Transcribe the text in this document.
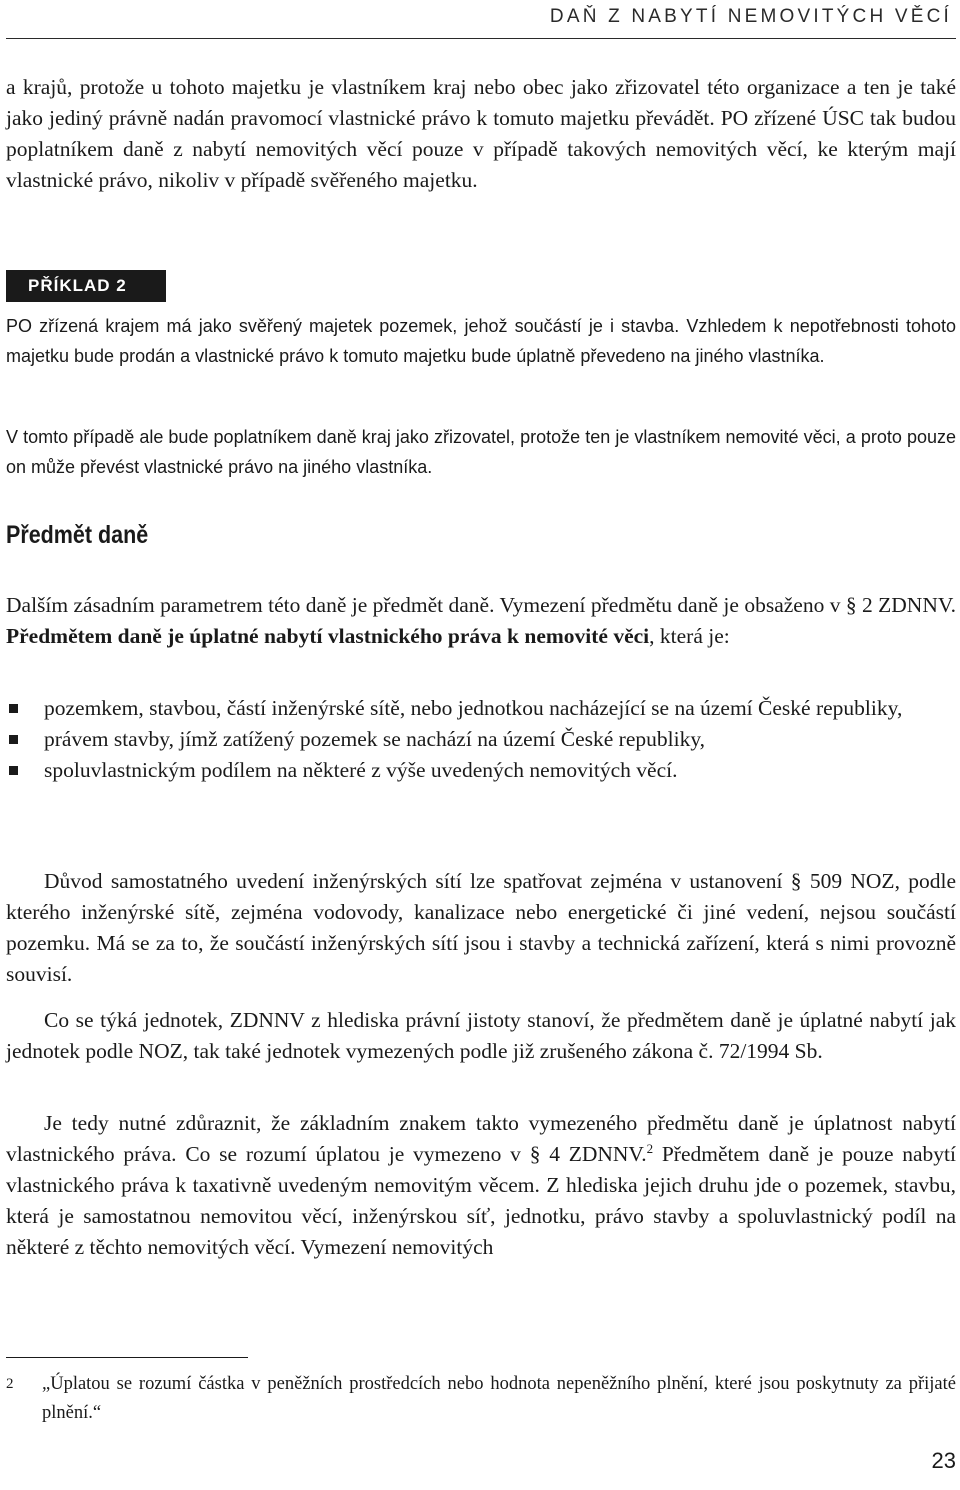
DAŇ Z NABYTÍ NEMOVITÝCH VĚCÍ

a krajů, protože u tohoto majetku je vlastníkem kraj nebo obec jako zřizovatel této organizace a ten je také jako jediný právně nadán pravomocí vlastnické právo k tomuto majetku převádět. PO zřízené ÚSC tak budou poplatníkem daně z nabytí nemovitých věcí pouze v případě takových nemovitých věcí, ke kterým mají vlastnické právo, nikoliv v případě svěřeného majetku.

PŘÍKLAD 2

PO zřízená krajem má jako svěřený majetek pozemek, jehož součástí je i stavba. Vzhledem k nepotřebnosti tohoto majetku bude prodán a vlastnické právo k tomuto majetku bude úplatně převedeno na jiného vlastníka.

V tomto případě ale bude poplatníkem daně kraj jako zřizovatel, protože ten je vlastníkem nemovité věci, a proto pouze on může převést vlastnické právo na jiného vlastníka.

Předmět daně

Dalším zásadním parametrem této daně je předmět daně. Vymezení předmětu daně je obsaženo v § 2 ZDNNV. Předmětem daně je úplatné nabytí vlastnického práva k nemovité věci, která je:

pozemkem, stavbou, částí inženýrské sítě, nebo jednotkou nacházející se na území České republiky,
právem stavby, jímž zatížený pozemek se nachází na území České republiky,
spoluvlastnickým podílem na některé z výše uvedených nemovitých věcí.

Důvod samostatného uvedení inženýrských sítí lze spatřovat zejména v ustanovení § 509 NOZ, podle kterého inženýrské sítě, zejména vodovody, kanalizace nebo energetické či jiné vedení, nejsou součástí pozemku. Má se za to, že součástí inženýrských sítí jsou i stavby a technická zařízení, která s nimi provozně souvisí.

Co se týká jednotek, ZDNNV z hlediska právní jistoty stanoví, že předmětem daně je úplatné nabytí jak jednotek podle NOZ, tak také jednotek vymezených podle již zrušeného zákona č. 72/1994 Sb.

Je tedy nutné zdůraznit, že základním znakem takto vymezeného předmětu daně je úplatnost nabytí vlastnického práva. Co se rozumí úplatou je vymezeno v § 4 ZDNNV.$^2$ Předmětem daně je pouze nabytí vlastnického práva k taxativně uvedeným nemovitým věcem. Z hlediska jejich druhu jde o pozemek, stavbu, která je samostatnou nemovitou věcí, inženýrskou síť, jednotku, právo stavby a spoluvlastnický podíl na některé z těchto nemovitých věcí. Vymezení nemovitých

2 „Úplatou se rozumí částka v peněžních prostředcích nebo hodnota nepeněžního plnění, které jsou poskytnuty za přijaté plnění.“
23
